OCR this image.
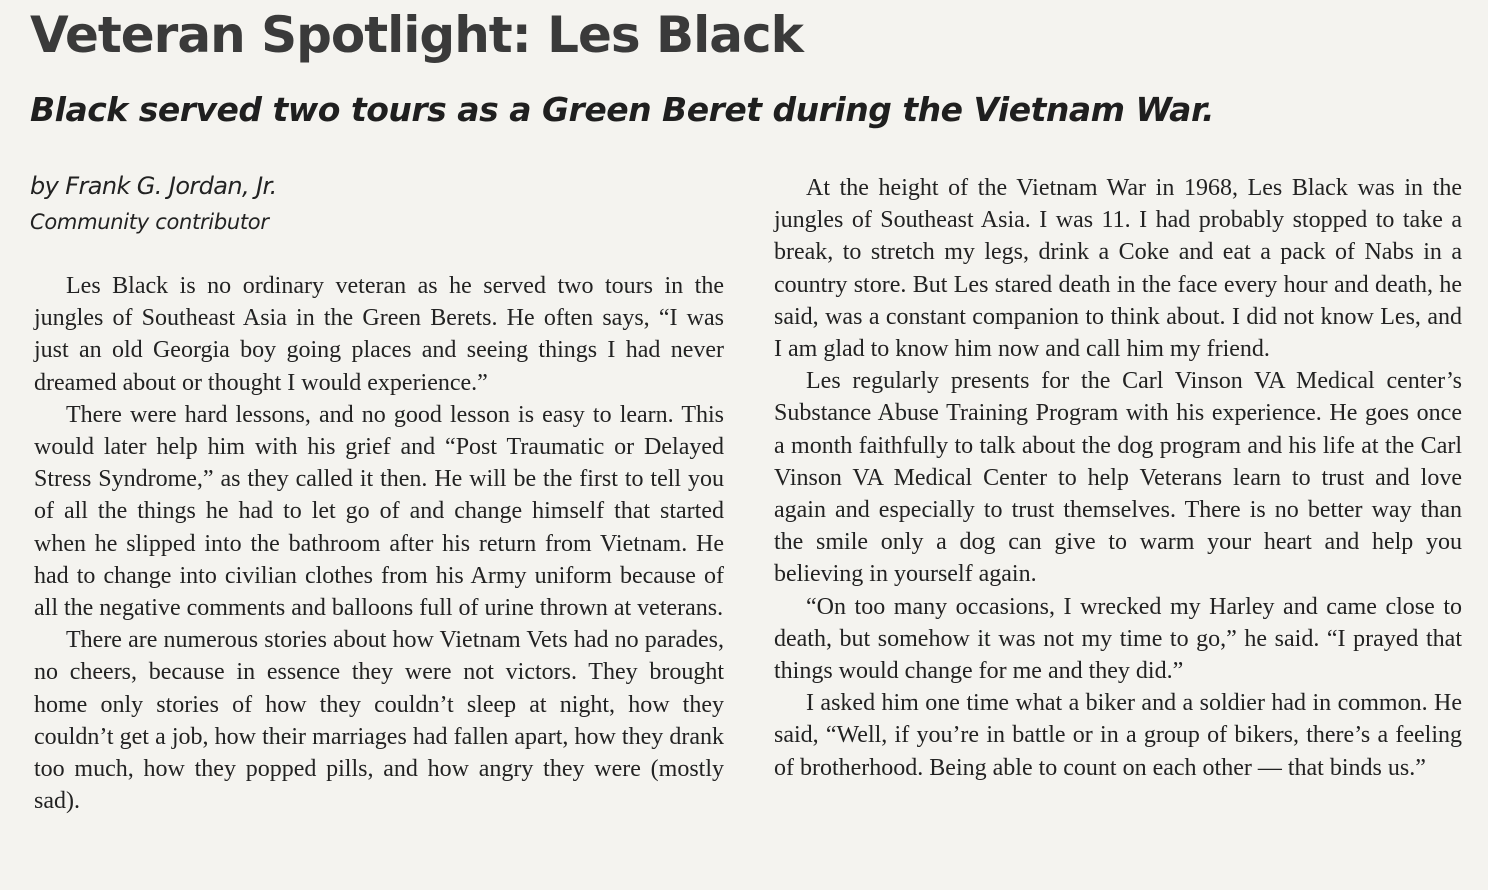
Veteran Spotlight: Les Black
Black served two tours as a Green Beret during the Vietnam War.
by Frank G. Jordan, Jr.
Community contributor

Les Black is no ordinary veteran as he served two tours in the jungles of Southeast Asia in the Green Berets. He often says, “I was just an old Georgia boy going places and seeing things I had never dreamed about or thought I would experience.”

There were hard lessons, and no good lesson is easy to learn. This would later help him with his grief and “Post Traumatic or Delayed Stress Syndrome,” as they called it then. He will be the first to tell you of all the things he had to let go of and change himself that started when he slipped into the bathroom after his return from Vietnam. He had to change into civilian clothes from his Army uniform because of all the negative comments and balloons full of urine thrown at veterans.

There are numerous stories about how Vietnam Vets had no parades, no cheers, because in essence they were not victors. They brought home only stories of how they couldn’t sleep at night, how they couldn’t get a job, how their marriages had fallen apart, how they drank too much, how they popped pills, and how angry they were (mostly sad).

At the height of the Vietnam War in 1968, Les Black was in the jungles of Southeast Asia. I was 11. I had probably stopped to take a break, to stretch my legs, drink a Coke and eat a pack of Nabs in a country store. But Les stared death in the face every hour and death, he said, was a constant companion to think about. I did not know Les, and I am glad to know him now and call him my friend.

Les regularly presents for the Carl Vinson VA Medical center’s Substance Abuse Training Program with his experience. He goes once a month faithfully to talk about the dog program and his life at the Carl Vinson VA Medical Center to help Veterans learn to trust and love again and especially to trust themselves. There is no better way than the smile only a dog can give to warm your heart and help you believing in yourself again.

“On too many occasions, I wrecked my Harley and came close to death, but somehow it was not my time to go,” he said. “I prayed that things would change for me and they did.”

I asked him one time what a biker and a soldier had in common. He said, “Well, if you’re in battle or in a group of bikers, there’s a feeling of brotherhood. Being able to count on each other — that binds us.”
